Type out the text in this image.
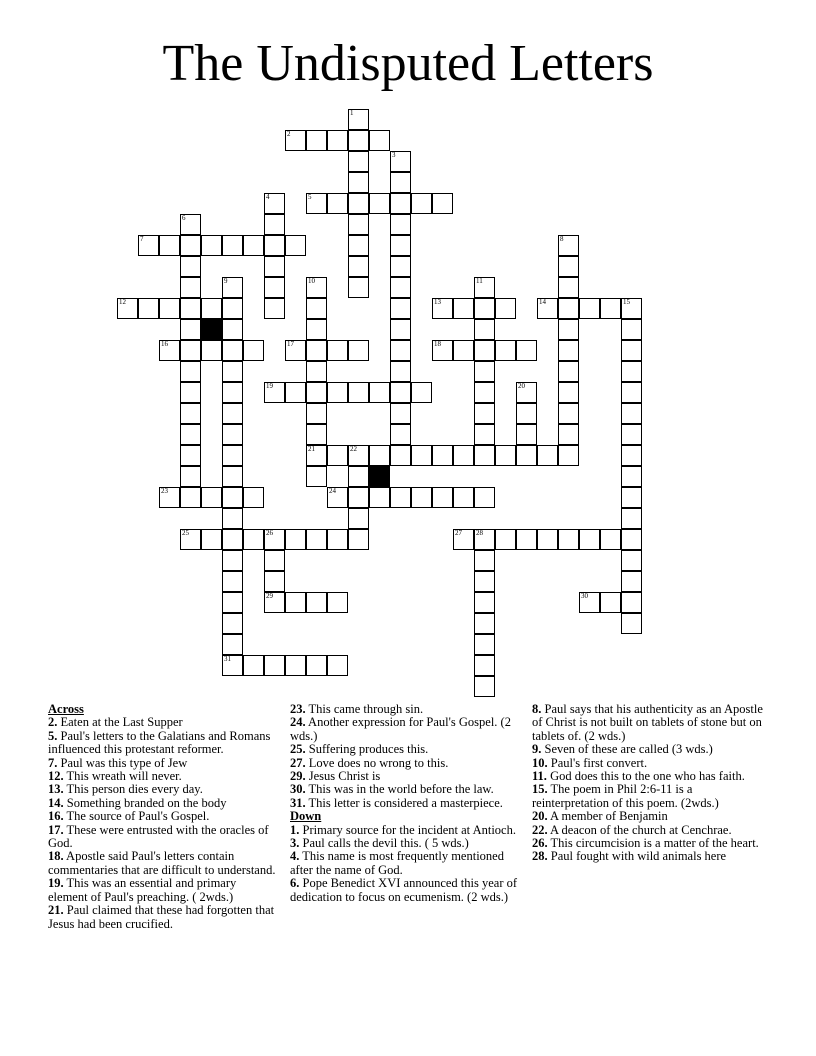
The Undisputed Letters
2
5
7
12	13	14	15
16	17	18
19
21	22
23	24
25	26	27 28
29	30
31
1
3
4
6
8
9	10	11
20
Across
2. Eaten at the Last Supper
5. Paul's letters to the Galatians and Romans influenced this protestant reformer.
7. Paul was this type of Jew
12. This wreath will never.
13. This person dies every day.
14. Something branded on the body
16. The source of Paul's Gospel.
17. These were entrusted with the oracles of God.
18. Apostle said Paul's letters contain commentaries that are difficult to understand.
19. This was an essential and primary element of Paul's preaching. ( 2wds.)
21. Paul claimed that these had forgotten that Jesus had been crucified.
23. This came through sin.
24. Another expression for Paul's Gospel. (2 wds.)
25. Suffering produces this.
27. Love does no wrong to this.
29. Jesus Christ is
30. This was in the world before the law.
31. This letter is considered a masterpiece.
Down
1. Primary source for the incident at Antioch.
3. Paul calls the devil this. ( 5 wds.)
4. This name is most frequently mentioned after the name of God.
6. Pope Benedict XVI announced this year of dedication to focus on ecumenism. (2 wds.)
8. Paul says that his authenticity as an Apostle of Christ is not built on tablets of stone but on tablets of. (2 wds.)
9. Seven of these are called (3 wds.)
10. Paul's first convert.
11. God does this to the one who has faith.
15. The poem in Phil 2:6-11 is a reinterpretation of this poem. (2wds.)
20. A member of Benjamin
22. A deacon of the church at Cenchrae.
26. This circumcision is a matter of the heart.
28. Paul fought with wild animals here
